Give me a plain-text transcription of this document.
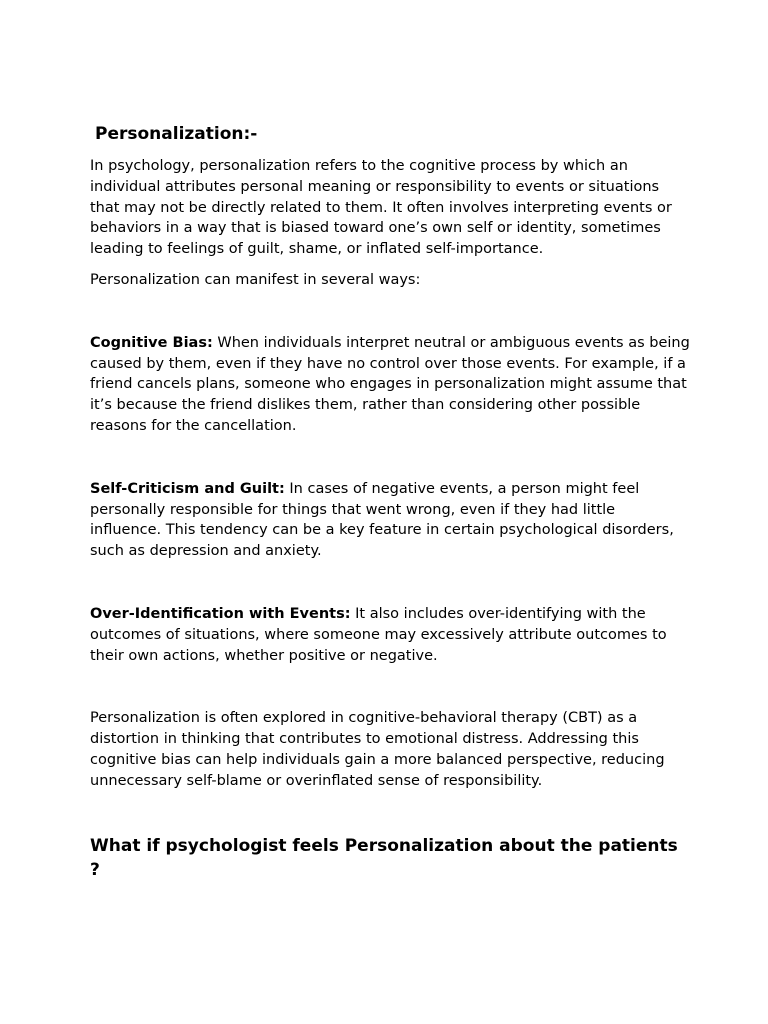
Personalization:-

In psychology, personalization refers to the cognitive process by which an individual attributes personal meaning or responsibility to events or situations that may not be directly related to them. It often involves interpreting events or behaviors in a way that is biased toward one’s own self or identity, sometimes leading to feelings of guilt, shame, or inflated self-importance.

Personalization can manifest in several ways:

Cognitive Bias: When individuals interpret neutral or ambiguous events as being caused by them, even if they have no control over those events. For example, if a friend cancels plans, someone who engages in personalization might assume that it’s because the friend dislikes them, rather than considering other possible reasons for the cancellation.

Self-Criticism and Guilt: In cases of negative events, a person might feel personally responsible for things that went wrong, even if they had little influence. This tendency can be a key feature in certain psychological disorders, such as depression and anxiety.

Over-Identification with Events: It also includes over-identifying with the outcomes of situations, where someone may excessively attribute outcomes to their own actions, whether positive or negative.

Personalization is often explored in cognitive-behavioral therapy (CBT) as a distortion in thinking that contributes to emotional distress. Addressing this cognitive bias can help individuals gain a more balanced perspective, reducing unnecessary self-blame or overinflated sense of responsibility.

What if psychologist feels Personalization about the patients ?
